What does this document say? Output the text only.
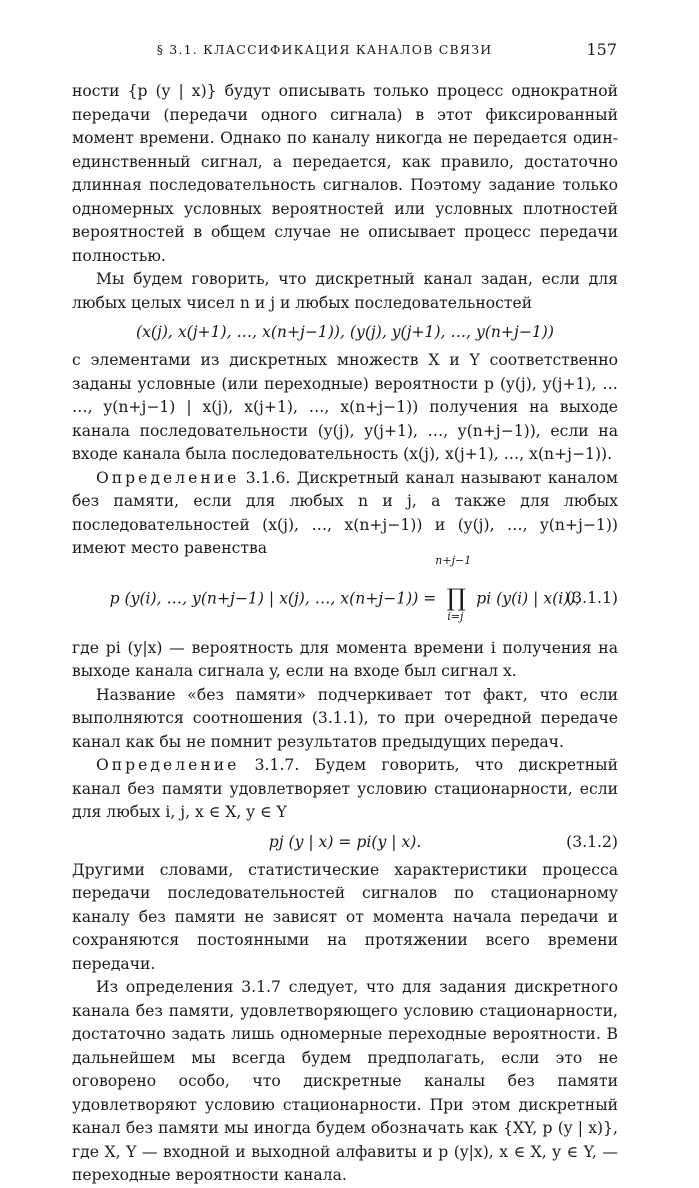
§ 3.1. КЛАССИФИКАЦИЯ КАНАЛОВ СВЯЗИ	157

ности {p (y | x)} будут описывать только процесс однократной передачи (передачи одного сигнала) в этот фиксированный момент времени. Однако по каналу никогда не передается один-единственный сигнал, а передается, как правило, достаточно длинная последовательность сигналов. Поэтому задание только одномерных условных вероятностей или условных плотностей вероятностей в общем случае не описывает процесс передачи полностью.

Мы будем говорить, что дискретный канал задан, если для любых целых чисел n и j и любых последовательностей

(x(j), x(j+1), …, x(n+j−1)), (y(j), y(j+1), …, y(n+j−1))

с элементами из дискретных множеств X и Y соответственно заданы условные (или переходные) вероятности p (y(j), y(j+1), … …, y(n+j−1) | x(j), x(j+1), …, x(n+j−1)) получения на выходе канала последовательности (y(j), y(j+1), …, y(n+j−1)), если на входе канала была последовательность (x(j), x(j+1), …, x(n+j−1)).

Определение 3.1.6. Дискретный канал называют каналом без памяти, если для любых n и j, а также для любых последовательностей (x(j), …, x(n+j−1)) и (y(j), …, y(n+j−1)) имеют место равенства

p (y(i), …, y(n+j−1) | x(j), …, x(n+j−1)) =
n+j−1
∏
i=j
pi (y(i) | x(i)),
(3.1.1)

где pi (y|x) — вероятность для момента времени i получения на выходе канала сигнала y, если на входе был сигнал x.

Название «без памяти» подчеркивает тот факт, что если выполняются соотношения (3.1.1), то при очередной передаче канал как бы не помнит результатов предыдущих передач.

Определение 3.1.7. Будем говорить, что дискретный канал без памяти удовлетворяет условию стационарности, если для любых i, j, x ∈ X, y ∈ Y

pj (y | x) = pi(y | x).	(3.1.2)

Другими словами, статистические характеристики процесса передачи последовательностей сигналов по стационарному каналу без памяти не зависят от момента начала передачи и сохраняются постоянными на протяжении всего времени передачи.

Из определения 3.1.7 следует, что для задания дискретного канала без памяти, удовлетворяющего условию стационарности, достаточно задать лишь одномерные переходные вероятности. В дальнейшем мы всегда будем предполагать, если это не оговорено особо, что дискретные каналы без памяти удовлетворяют условию стационарности. При этом дискретный канал без памяти мы иногда будем обозначать как {XY, p (y | x)}, где X, Y — входной и выходной алфавиты и p (y|x), x ∈ X, y ∈ Y, — переходные вероятности канала.
